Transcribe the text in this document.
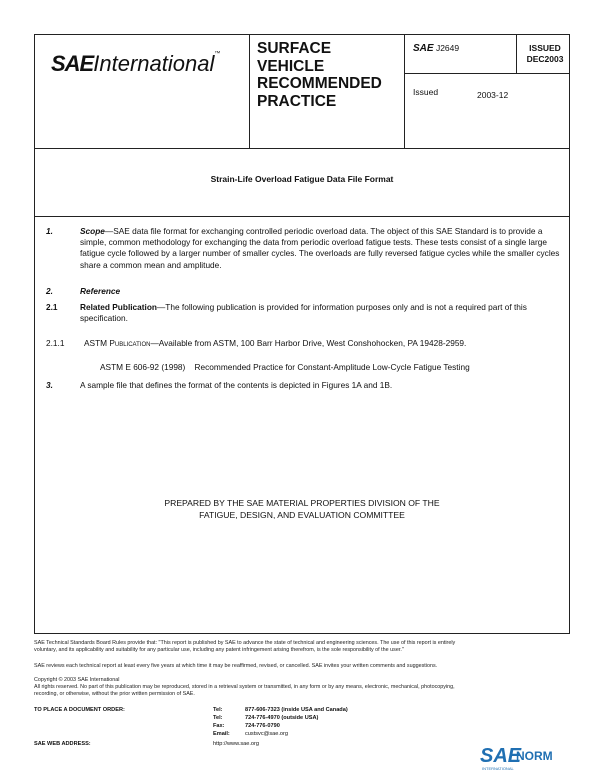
SAEInternational™ SURFACE
VEHICLE
RECOMMENDED
PRACTICE
SAE J2649
Issued	2003-12
ISSUED
DEC2003
Strain-Life Overload Fatigue Data File Format
1.	Scope—SAE data file format for exchanging controlled periodic overload data. The object of this SAE Standard is to provide a simple, common methodology for exchanging the data from periodic overload fatigue tests. These tests consist of a single large fatigue cycle followed by a larger number of smaller cycles. The overloads are fully reversed fatigue cycles while the smaller cycles share a common mean and amplitude.
2.	Reference
2.1	Related Publication—The following publication is provided for information purposes only and is not a required part of this specification.
2.1.1 ASTM Publication—Available from ASTM, 100 Barr Harbor Drive, West Conshohocken, PA 19428-2959.
ASTM E 606-92 (1998)    Recommended Practice for Constant-Amplitude Low-Cycle Fatigue Testing
3.	A sample file that defines the format of the contents is depicted in Figures 1A and 1B.
PREPARED BY THE SAE MATERIAL PROPERTIES DIVISION OF THE
FATIGUE, DESIGN, AND EVALUATION COMMITTEE
SAE Technical Standards Board Rules provide that: "This report is published by SAE to advance the state of technical and engineering sciences. The use of this report is entirely
voluntary, and its applicability and suitability for any particular use, including any patent infringement arising therefrom, is the sole responsibility of the user."
SAE reviews each technical report at least every five years at which time it may be reaffirmed, revised, or cancelled. SAE invites your written comments and suggestions.
Copyright © 2003 SAE International
All rights reserved. No part of this publication may be reproduced, stored in a retrieval system or transmitted, in any form or by any means, electronic, mechanical, photocopying,
recording, or otherwise, without the prior written permission of SAE.
TO PLACE A DOCUMENT ORDER:	Tel:	877-606-7323 (inside USA and Canada)
Tel:	724-776-4970 (outside USA)
Fax:	724-776-0790
Email:	custsvc@sae.org
SAE WEB ADDRESS:	http://www.sae.org
SAE
NORM
INTERNATIONAL
